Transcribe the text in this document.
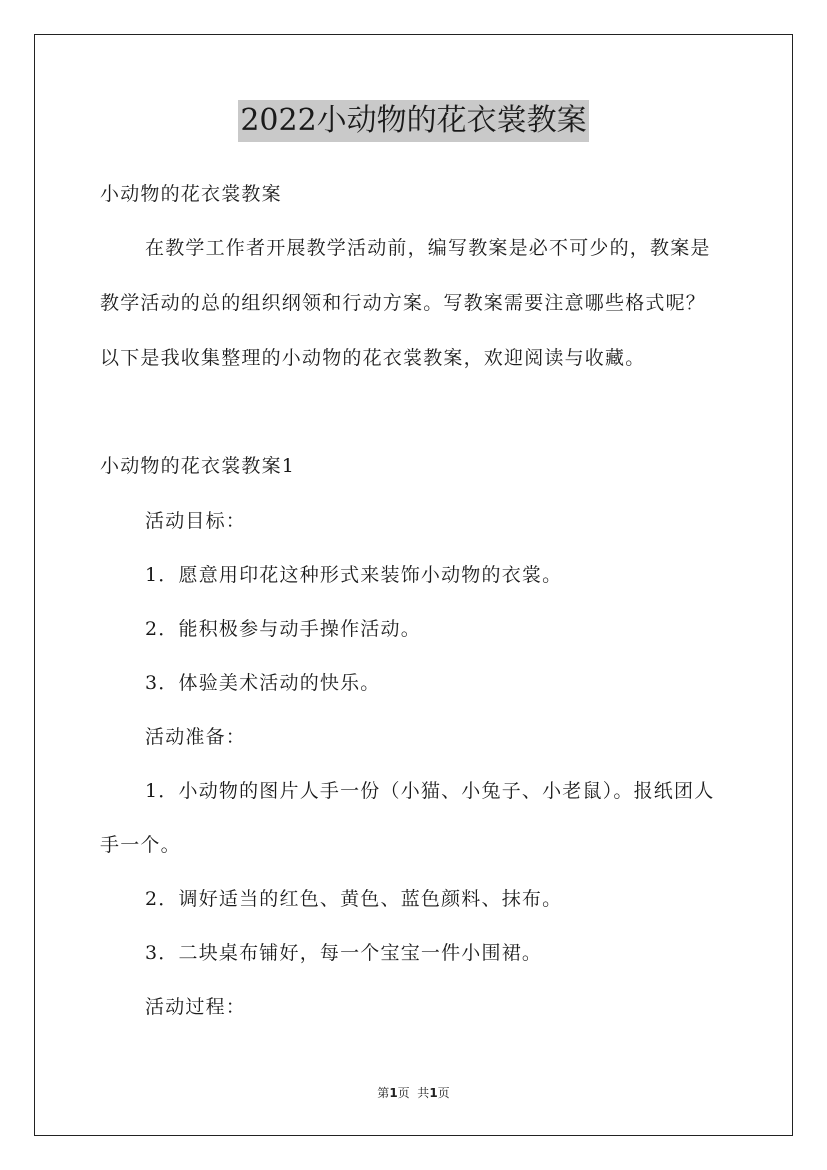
2022小动物的花衣裳教案
小动物的花衣裳教案
在教学工作者开展教学活动前，编写教案是必不可少的，教案是
教学活动的总的组织纲领和行动方案。写教案需要注意哪些格式呢？
以下是我收集整理的小动物的花衣裳教案，欢迎阅读与收藏。
小动物的花衣裳教案1
活动目标：
1．愿意用印花这种形式来装饰小动物的衣裳。
2．能积极参与动手操作活动。
3．体验美术活动的快乐。
活动准备：
1．小动物的图片人手一份（小猫、小兔子、小老鼠）。报纸团人
手一个。
2．调好适当的红色、黄色、蓝色颜料、抹布。
3．二块桌布铺好，每一个宝宝一件小围裙。
活动过程：
第1页  共1页
